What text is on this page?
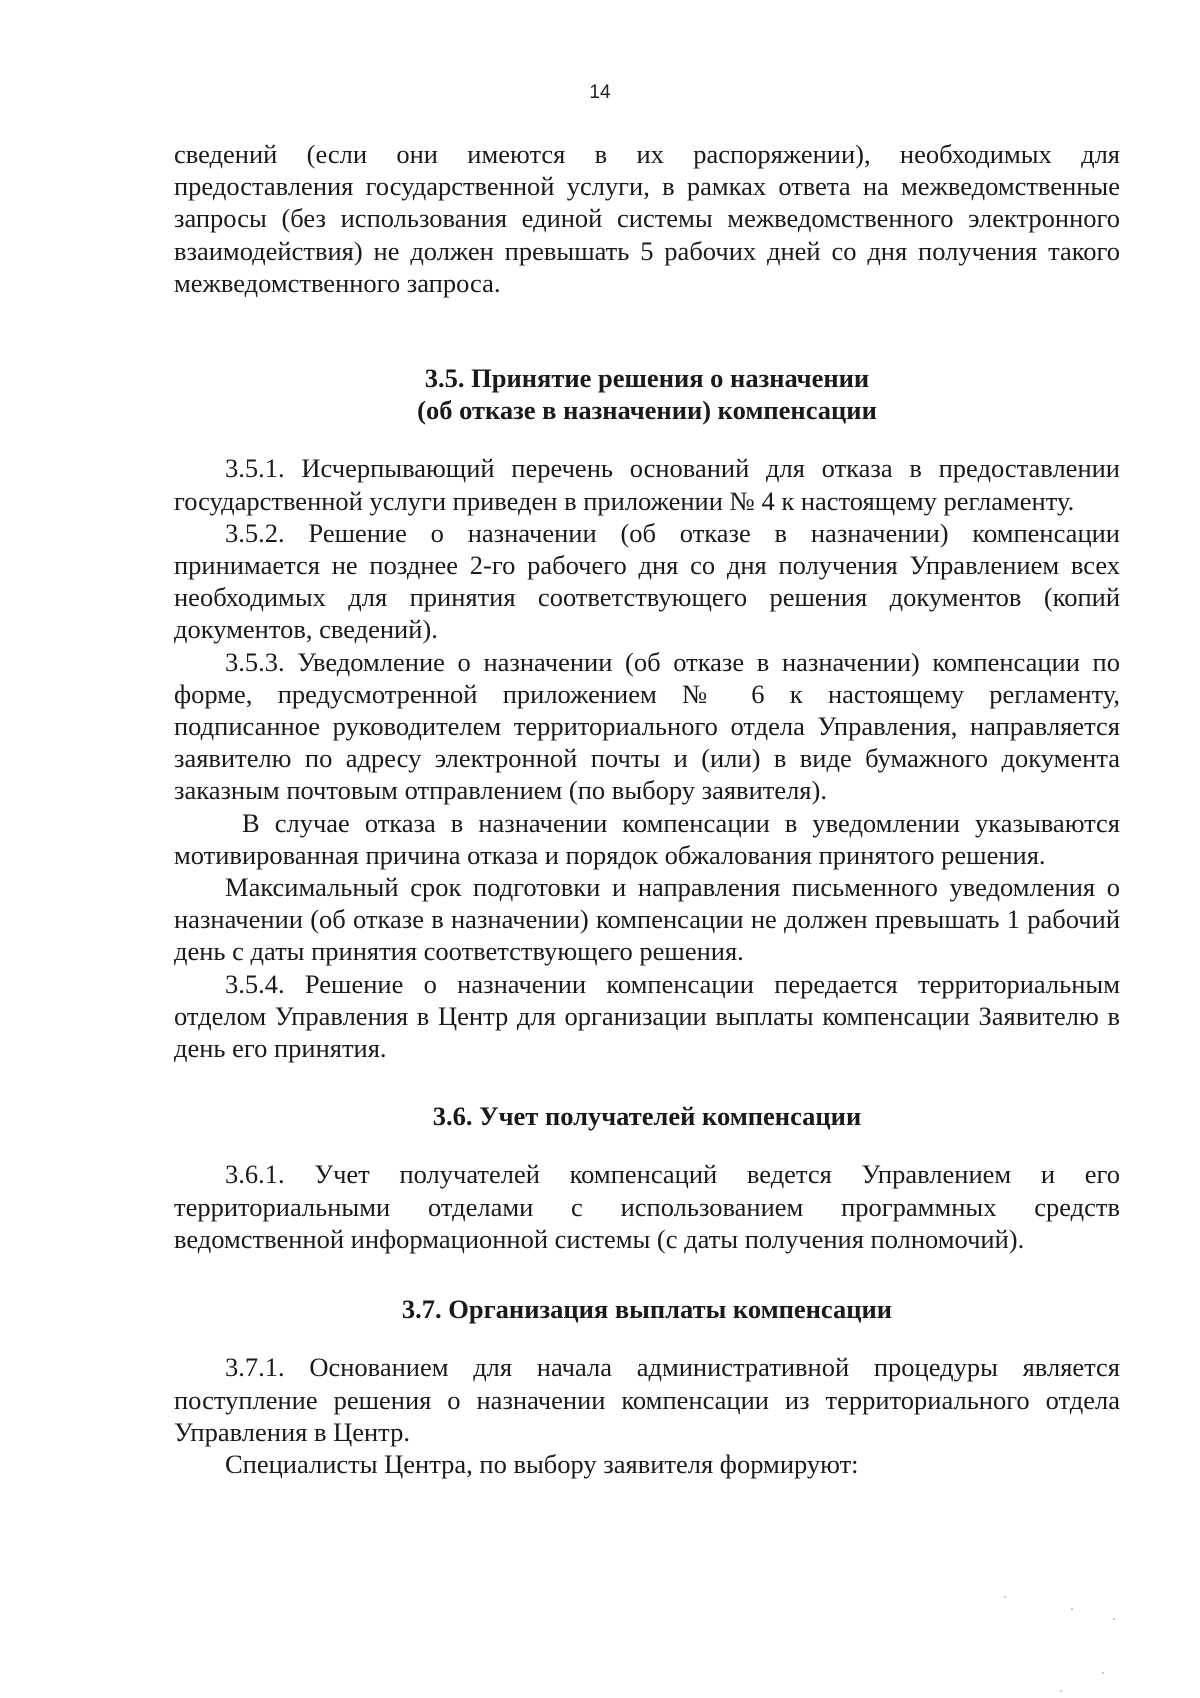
14

сведений (если они имеются в их распоряжении), необходимых для предоставления государственной услуги, в рамках ответа на межведомственные запросы (без использования единой системы межведомственного электронного взаимодействия) не должен превышать 5 рабочих дней со дня получения такого межведомственного запроса.

3.5. Принятие решения о назначении
(об отказе в назначении) компенсации

3.5.1. Исчерпывающий перечень оснований для отказа в предоставлении государственной услуги приведен в приложении № 4 к настоящему регламенту.

3.5.2. Решение о назначении (об отказе в назначении) компенсации принимается не позднее 2-го рабочего дня со дня получения Управлением всех необходимых для принятия соответствующего решения документов (копий документов, сведений).

3.5.3. Уведомление о назначении (об отказе в назначении) компенсации по форме, предусмотренной приложением № 6 к настоящему регламенту, подписанное руководителем территориального отдела Управления, направляется заявителю по адресу электронной почты и (или) в виде бумажного документа заказным почтовым отправлением (по выбору заявителя).

В случае отказа в назначении компенсации в уведомлении указываются мотивированная причина отказа и порядок обжалования принятого решения.

Максимальный срок подготовки и направления письменного уведомления о назначении (об отказе в назначении) компенсации не должен превышать 1 рабочий день с даты принятия соответствующего решения.

3.5.4. Решение о назначении компенсации передается территориальным отделом Управления в Центр для организации выплаты компенсации Заявителю в день его принятия.

3.6. Учет получателей компенсации

3.6.1. Учет получателей компенсаций ведется Управлением и его территориальными отделами с использованием программных средств ведомственной информационной системы (с даты получения полномочий).

3.7. Организация выплаты компенсации

3.7.1. Основанием для начала административной процедуры является поступление решения о назначении компенсации из территориального отдела Управления в Центр.

Специалисты Центра, по выбору заявителя формируют:
